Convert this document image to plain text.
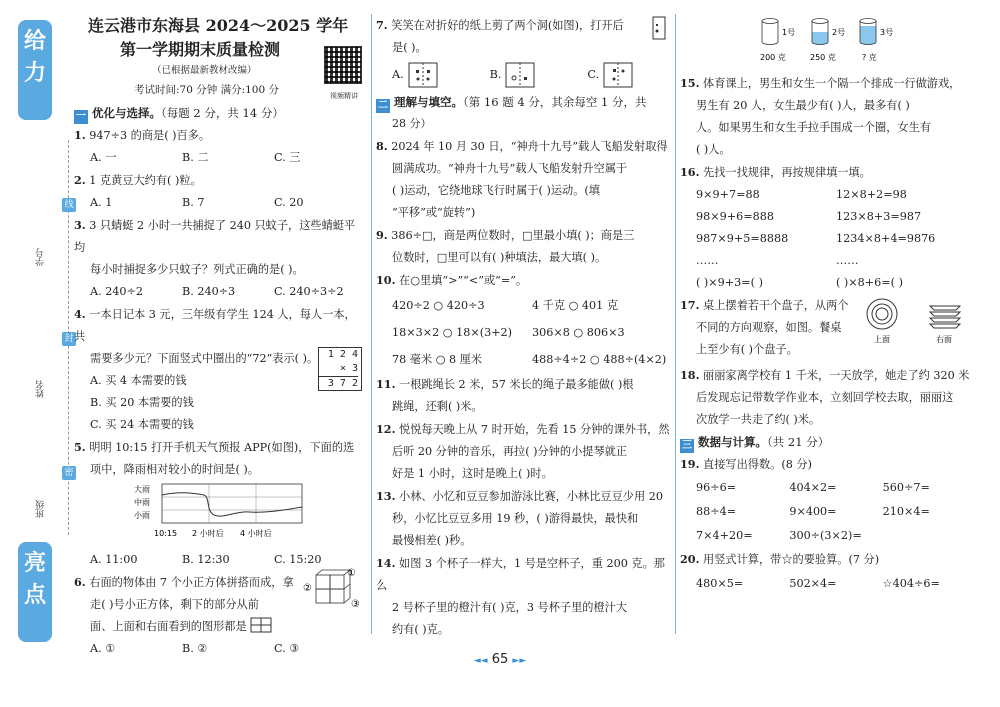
给力
学号
姓名
班级
线
封
密
亮点
连云港市东海县 2024～2025 学年
第一学期期末质量检测
（已根据最新教材改编）
考试时间:70 分钟 满分:100 分	视频精讲
一 优化与选择。（每题 2 分，共 14 分）
1. 947÷3 的商是( )百多。
A. 一	B. 二	C. 三
2. 1 克黄豆大约有( )粒。
A. 1	B. 7	C. 20
3. 3 只蜻蜓 2 小时一共捕捉了 240 只蚊子，这些蜻蜓平均
每小时捕捉多少只蚊子？列式正确的是( )。
A. 240÷2	B. 240÷3	C. 240÷3÷2
4. 一本日记本 3 元，三年级有学生 124 人，每人一本，共
需要多少元？下面竖式中圈出的“72”表示( )。
A. 买 4 本需要的钱
B. 买 20 本需要的钱
C. 买 24 本需要的钱
1 2 4
× 3
3 7 2
5. 明明 10:15 打开手机天气预报 APP(如图)，下面的选
项中，降雨相对较小的时间是( )。
大雨
中雨
小雨
10:15 2 小时后 4 小时后
A. 11:00	B. 12:30	C. 15:20
6. 右面的物体由 7 个小正方体拼搭而成，拿
走( )号小正方体，剩下的部分从前
面、上面和右面看到的图形都是
A. ①	B. ②	C. ③
①
②
③
7. 笑笑在对折好的纸上剪了两个洞(如图)，打开后
是( )。
A.	B.	C.
二 理解与填空。（第 16 题 4 分，其余每空 1 分，共
28 分）
8. 2024 年 10 月 30 日，“神舟十九号”载人飞船发射取得
圆满成功。“神舟十九号”载人飞船发射升空属于
( )运动，它绕地球飞行时属于( )运动。(填
“平移”或“旋转”)
9. 386÷□，商是两位数时，□里最小填( )；商是三
位数时，□里可以有( )种填法，最大填( )。
10. 在○里填“>”“<”或“=”。
420÷2 ○ 420÷3	4 千克 ○ 401 克
18×3×2 ○ 18×(3+2)	306×8 ○ 806×3
78 毫米 ○ 8 厘米	488÷4÷2 ○ 488÷(4×2)
11. 一根跳绳长 2 米，57 米长的绳子最多能做( )根
跳绳，还剩( )米。
12. 悦悦每天晚上从 7 时开始，先看 15 分钟的课外书，然
后听 20 分钟的音乐，再拉( )分钟的小提琴就正
好是 1 小时，这时是晚上( )时。
13. 小林、小忆和豆豆参加游泳比赛，小林比豆豆少用 20
秒，小忆比豆豆多用 19 秒，( )游得最快，最快和
最慢相差( )秒。
14. 如图 3 个杯子一样大，1 号是空杯子，重 200 克。那么
2 号杯子里的橙汁有( )克，3 号杯子里的橙汁大
约有( )克。
1号
200 克
2号
250 克
3号
? 克
15. 体育课上，男生和女生一个隔一个排成一行做游戏，
男生有 20 人，女生最少有( )人，最多有( )
人。如果男生和女生手拉手围成一个圈，女生有
( )人。
16. 先找一找规律，再按规律填一填。
9×9+7=88	12×8+2=98
98×9+6=888	123×8+3=987
987×9+5=8888	1234×8+4=9876
……	……
( )×9+3=( )	( )×8+6=( )
17. 桌上摆着若干个盘子，从两个
不同的方向观察，如图。餐桌
上至少有( )个盘子。
上面	右面
18. 丽丽家离学校有 1 千米，一天放学，她走了约 320 米
后发现忘记带数学作业本，立刻回学校去取，丽丽这
次放学一共走了约( )米。
三 数据与计算。（共 21 分）
19. 直接写出得数。(8 分)
96÷6=	404×2=	560÷7=
88÷4=	9×400=	210×4=
7×4+20=	300÷(3×2)=
20. 用竖式计算，带☆的要验算。(7 分)
480×5=	502×4=	☆404÷6=
◄◄ 65 ►►
